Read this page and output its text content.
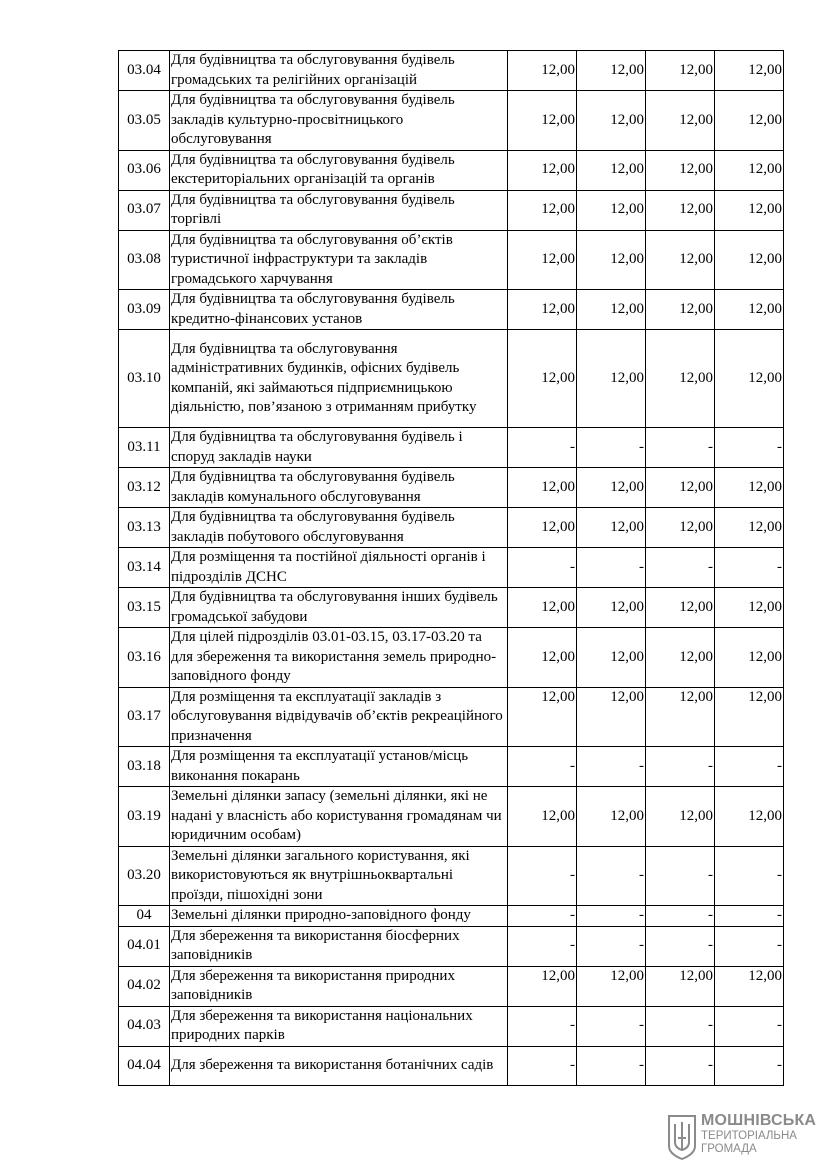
03.04	Для будівництва та обслуговування будівель громадських та релігійних організацій	12,00	12,00	12,00	12,00
03.05	Для будівництва та обслуговування будівель закладів культурно-просвітницького обслуговування	12,00	12,00	12,00	12,00
03.06	Для будівництва та обслуговування будівель екстериторіальних організацій та органів	12,00	12,00	12,00	12,00
03.07	Для будівництва та обслуговування будівель торгівлі	12,00	12,00	12,00	12,00
03.08	Для будівництва та обслуговування об’єктів туристичної інфраструктури та закладів громадського харчування	12,00	12,00	12,00	12,00
03.09	Для будівництва та обслуговування будівель кредитно-фінансових установ	12,00	12,00	12,00	12,00
03.10	Для будівництва та обслуговування адміністративних будинків, офісних будівель компаній, які займаються підприємницькою діяльністю, пов’язаною з отриманням прибутку	12,00	12,00	12,00	12,00
03.11	Для будівництва та обслуговування будівель і споруд закладів науки	-	-	-	-
03.12	Для будівництва та обслуговування будівель закладів комунального обслуговування	12,00	12,00	12,00	12,00
03.13	Для будівництва та обслуговування будівель закладів побутового обслуговування	12,00	12,00	12,00	12,00
03.14	Для розміщення та постійної діяльності органів і підрозділів ДСНС	-	-	-	-
03.15	Для будівництва та обслуговування інших будівель громадської забудови	12,00	12,00	12,00	12,00
03.16	Для цілей підрозділів 03.01-03.15, 03.17-03.20 та для збереження та використання земель природно-заповідного фонду	12,00	12,00	12,00	12,00
03.17	Для розміщення та експлуатації закладів з обслуговування відвідувачів об’єктів рекреаційного призначення	12,00	12,00	12,00	12,00
03.18	Для розміщення та експлуатації установ/місць виконання покарань	-	-	-	-
03.19	Земельні ділянки запасу (земельні ділянки, які не надані у власність або користування громадянам чи юридичним особам)	12,00	12,00	12,00	12,00
03.20	Земельні ділянки загального користування, які використовуються як внутрішньоквартальні проїзди, пішохідні зони	-	-	-	-
04	Земельні ділянки природно-заповідного фонду	-	-	-	-
04.01	Для збереження та використання біосферних заповідників	-	-	-	-
04.02	Для збереження та використання природних заповідників	12,00	12,00	12,00	12,00
04.03	Для збереження та використання національних природних парків	-	-	-	-
04.04	Для збереження та використання ботанічних садів	-	-	-	-
МОШНІВСЬКА
ТЕРИТОРІАЛЬНА
ГРОМАДА
